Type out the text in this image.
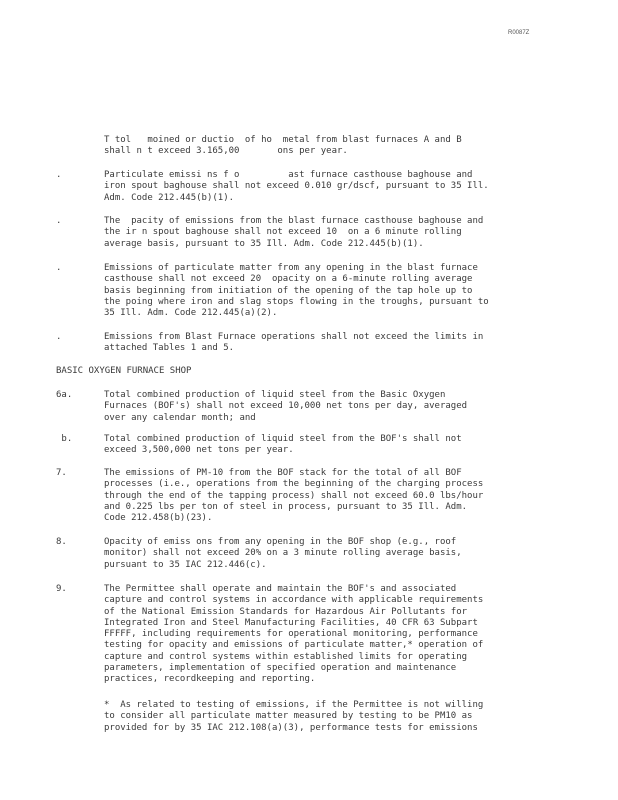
R0087Z
T tol   moined or ductio  of ho  metal from blast furnaces A and B
shall n t exceed 3.165,00       ons per year.
.	Particulate emissi ns f o         ast furnace casthouse baghouse and
iron spout baghouse shall not exceed 0.010 gr/dscf, pursuant to 35 Ill.
Adm. Code 212.445(b)(1).
.	The  pacity of emissions from the blast furnace casthouse baghouse and
the ir n spout baghouse shall not exceed 10  on a 6 minute rolling
average basis, pursuant to 35 Ill. Adm. Code 212.445(b)(1).
.	Emissions of particulate matter from any opening in the blast furnace
casthouse shall not exceed 20  opacity on a 6-minute rolling average
basis beginning from initiation of the opening of the tap hole up to
the poing where iron and slag stops flowing in the troughs, pursuant to
35 Ill. Adm. Code 212.445(a)(2).
.	Emissions from Blast Furnace operations shall not exceed the limits in
attached Tables 1 and 5.
BASIC OXYGEN FURNACE SHOP
6a.	Total combined production of liquid steel from the Basic Oxygen
Furnaces (BOF's) shall not exceed 10,000 net tons per day, averaged
over any calendar month; and
b.	Total combined production of liquid steel from the BOF's shall not
exceed 3,500,000 net tons per year.
7.	The emissions of PM-10 from the BOF stack for the total of all BOF
processes (i.e., operations from the beginning of the charging process
through the end of the tapping process) shall not exceed 60.0 lbs/hour
and 0.225 lbs per ton of steel in process, pursuant to 35 Ill. Adm.
Code 212.458(b)(23).
8.	Opacity of emiss ons from any opening in the BOF shop (e.g., roof
monitor) shall not exceed 20% on a 3 minute rolling average basis,
pursuant to 35 IAC 212.446(c).
9.	The Permittee shall operate and maintain the BOF's and associated
capture and control systems in accordance with applicable requirements
of the National Emission Standards for Hazardous Air Pollutants for
Integrated Iron and Steel Manufacturing Facilities, 40 CFR 63 Subpart
FFFFF, including requirements for operational monitoring, performance
testing for opacity and emissions of particulate matter,* operation of
capture and control systems within established limits for operating
parameters, implementation of specified operation and maintenance
practices, recordkeeping and reporting.
*  As related to testing of emissions, if the Permittee is not willing
to consider all particulate matter measured by testing to be PM10 as
provided for by 35 IAC 212.108(a)(3), performance tests for emissions
